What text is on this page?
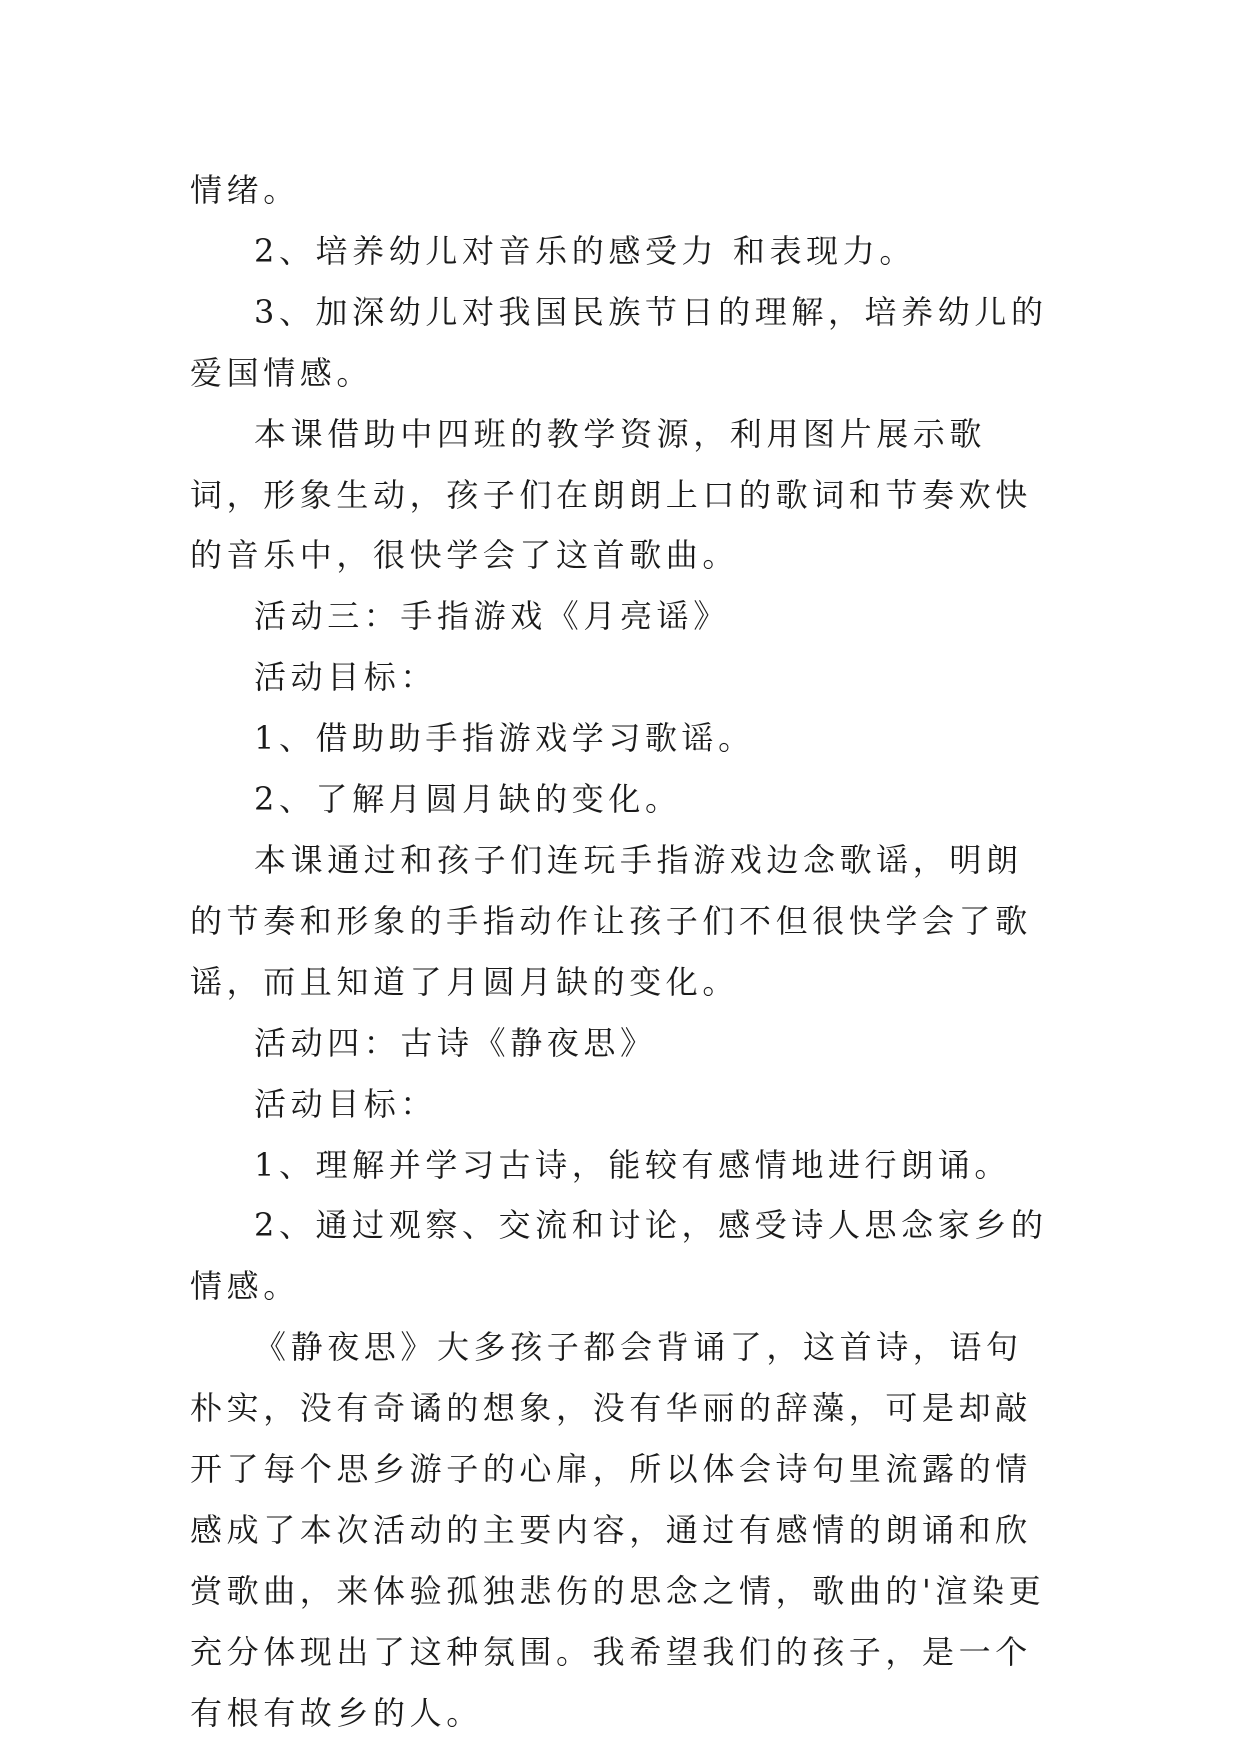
情绪。

2、培养幼儿对音乐的感受力 和表现力。

3、加深幼儿对我国民族节日的理解，培养幼儿的爱国情感。

本课借助中四班的教学资源，利用图片展示歌词，形象生动，孩子们在朗朗上口的歌词和节奏欢快的音乐中，很快学会了这首歌曲。

活动三：手指游戏《月亮谣》

活动目标：

1、借助助手指游戏学习歌谣。

2、了解月圆月缺的变化。

本课通过和孩子们连玩手指游戏边念歌谣，明朗的节奏和形象的手指动作让孩子们不但很快学会了歌谣，而且知道了月圆月缺的变化。

活动四：古诗《静夜思》

活动目标：

1、理解并学习古诗，能较有感情地进行朗诵。

2、通过观察、交流和讨论，感受诗人思念家乡的情感。

《静夜思》大多孩子都会背诵了，这首诗，语句朴实，没有奇谲的想象，没有华丽的辞藻，可是却敲开了每个思乡游子的心扉，所以体会诗句里流露的情感成了本次活动的主要内容，通过有感情的朗诵和欣赏歌曲，来体验孤独悲伤的思念之情，歌曲的'渲染更充分体现出了这种氛围。我希望我们的孩子，是一个有根有故乡的人。
